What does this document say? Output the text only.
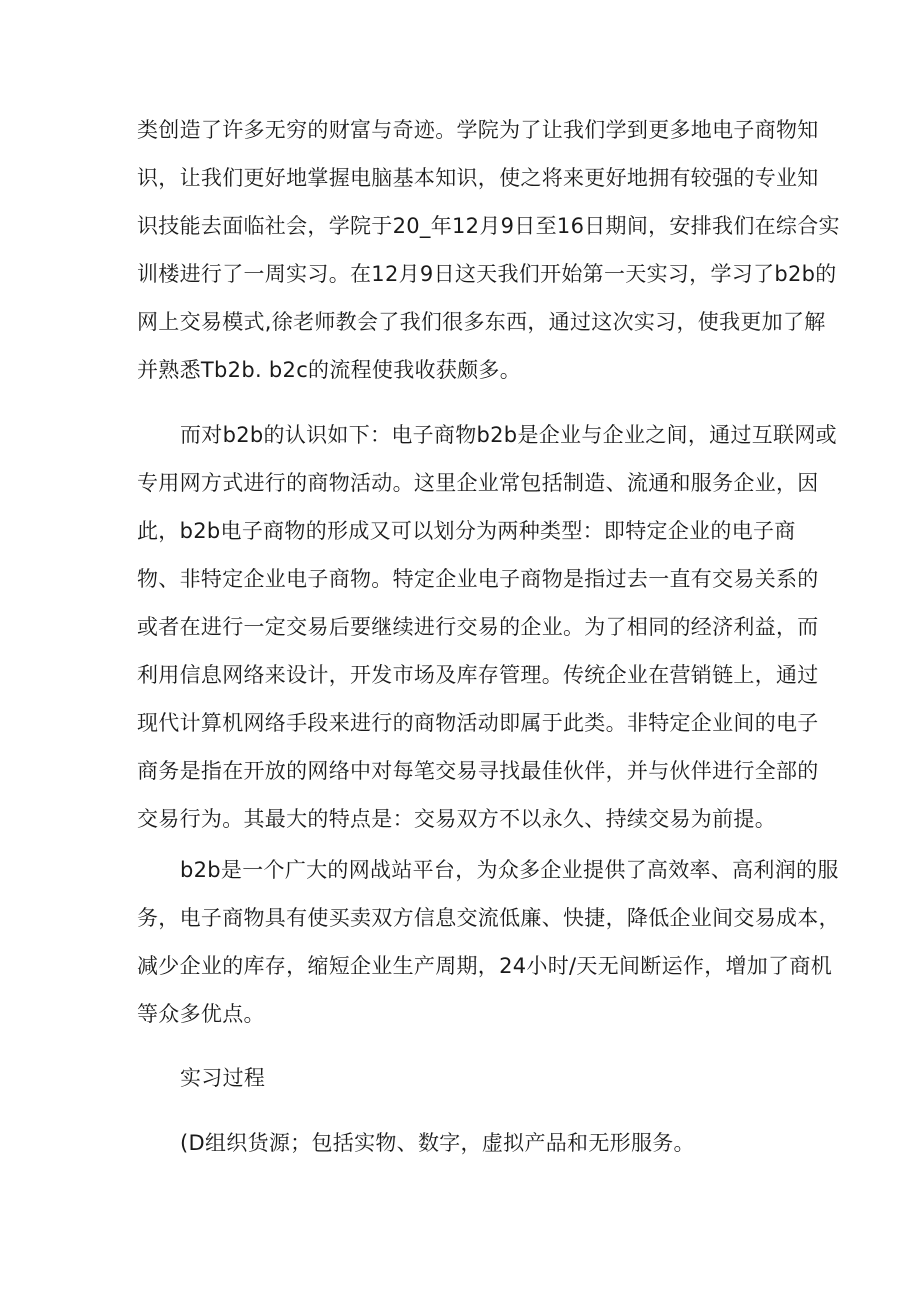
类创造了许多无穷的财富与奇迹。学院为了让我们学到更多地电子商物知
识，让我们更好地掌握电脑基本知识，使之将来更好地拥有较强的专业知
识技能去面临社会，学院于20_年12月9日至16日期间，安排我们在综合实
训楼进行了一周实习。在12月9日这天我们开始第一天实习，学习了b2b的
网上交易模式,徐老师教会了我们很多东西，通过这次实习，使我更加了解
并熟悉Tb2b. b2c的流程使我收获颇多。
而对b2b的认识如下：电子商物b2b是企业与企业之间，通过互联网或
专用网方式进行的商物活动。这里企业常包括制造、流通和服务企业，因
此，b2b电子商物的形成又可以划分为两种类型：即特定企业的电子商
物、非特定企业电子商物。特定企业电子商物是指过去一直有交易关系的
或者在进行一定交易后要继续进行交易的企业。为了相同的经济利益，而
利用信息网络来设计，开发市场及库存管理。传统企业在营销链上，通过
现代计算机网络手段来进行的商物活动即属于此类。非特定企业间的电子
商务是指在开放的网络中对每笔交易寻找最佳伙伴，并与伙伴进行全部的
交易行为。其最大的特点是：交易双方不以永久、持续交易为前提。
b2b是一个广大的网战站平台，为众多企业提供了高效率、高利润的服
务，电子商物具有使买卖双方信息交流低廉、快捷，降低企业间交易成本，
减少企业的库存，缩短企业生产周期，24小时/天无间断运作，增加了商机
等众多优点。
实习过程
(D组织货源；包括实物、数字，虚拟产品和无形服务。
